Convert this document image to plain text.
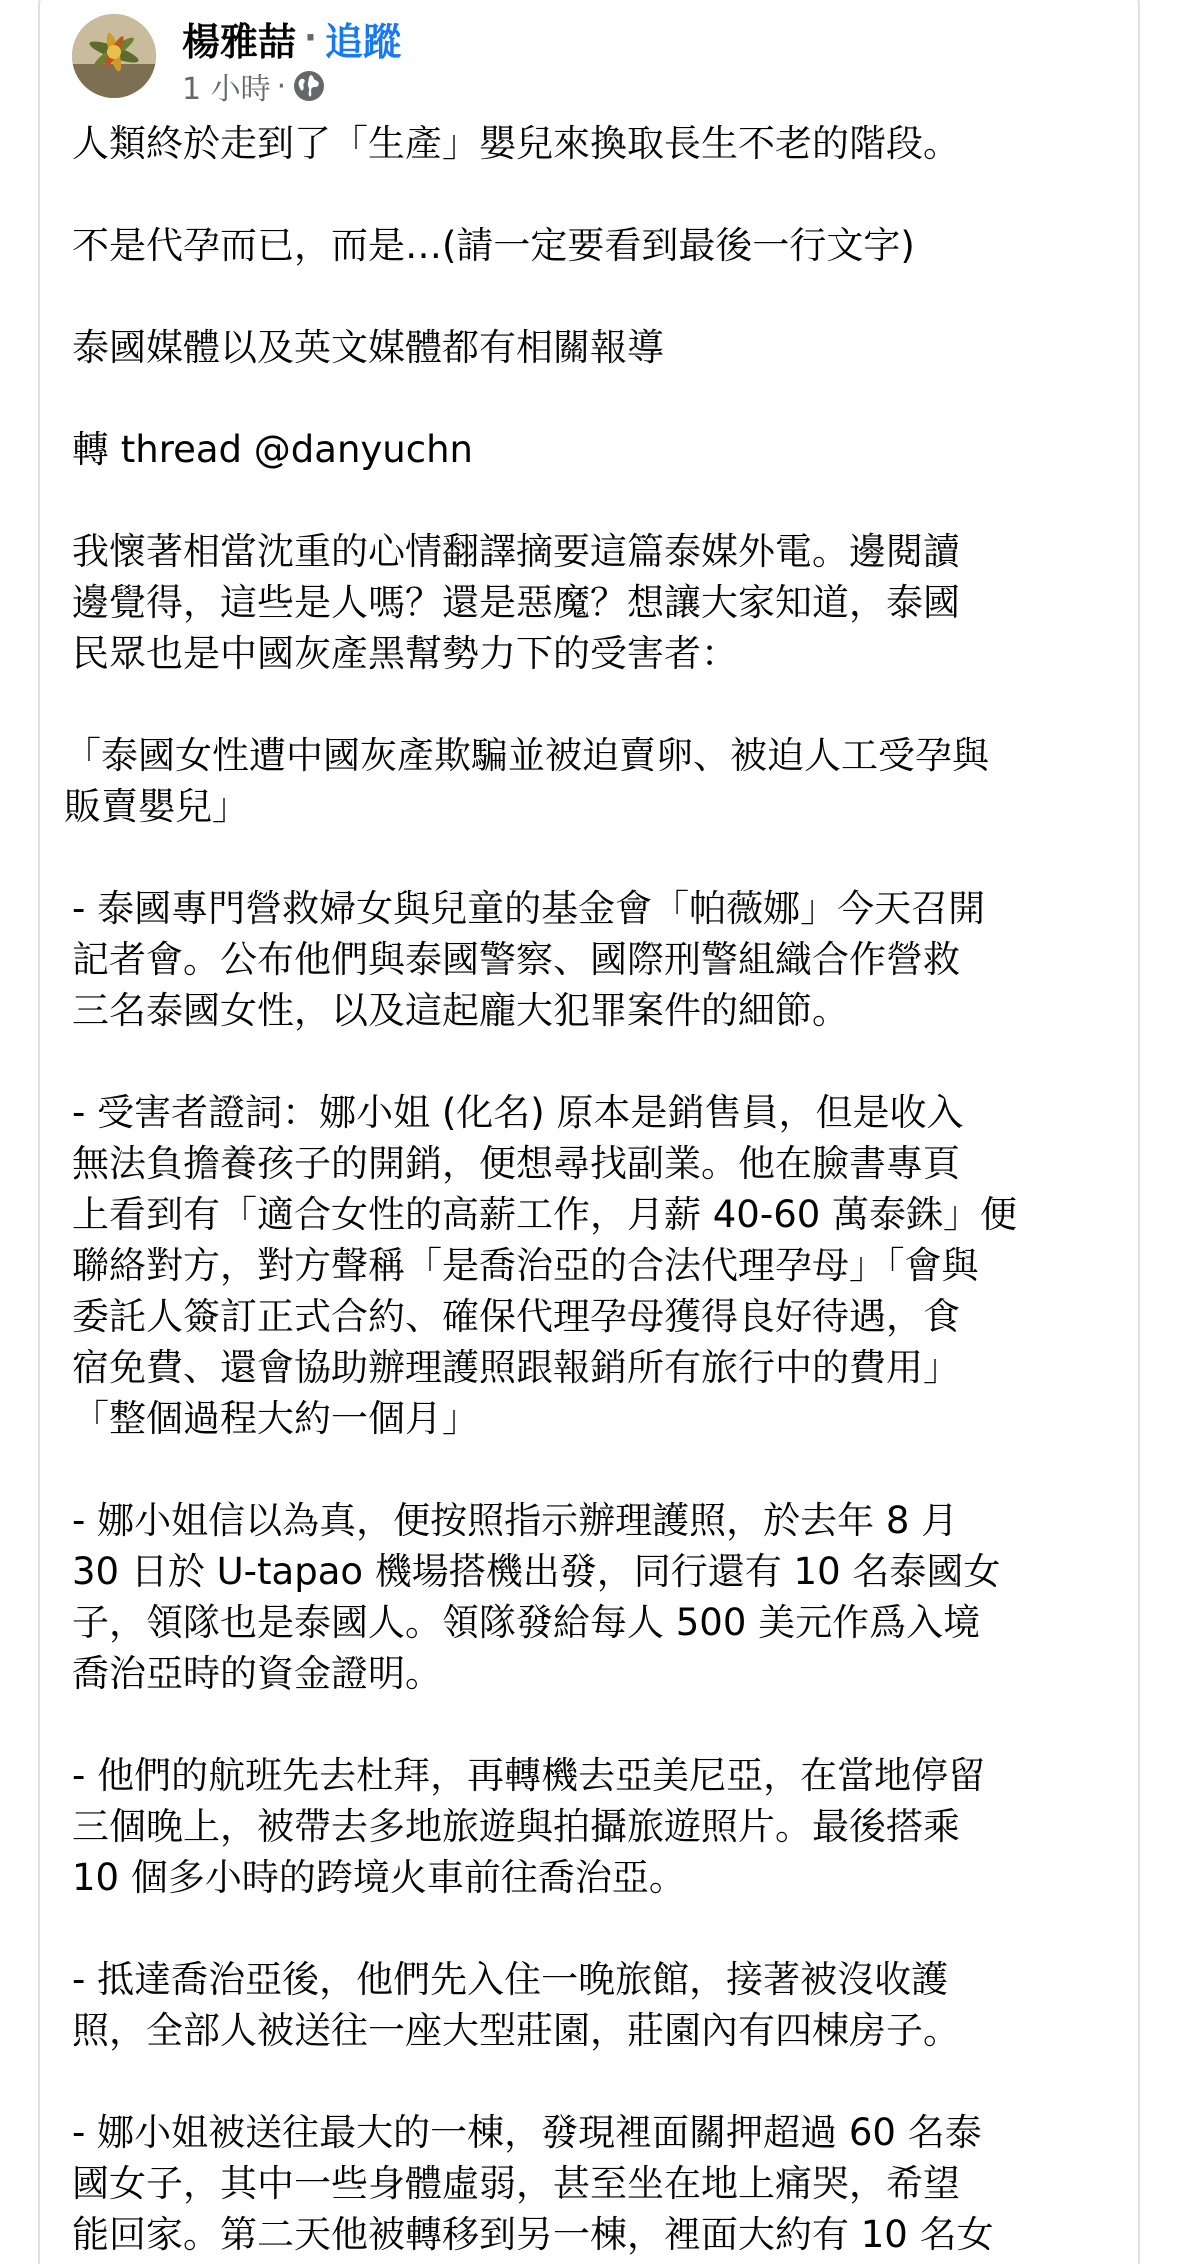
楊雅喆 · 追蹤
1 小時 ·

人類終於走到了「生產」嬰兒來換取長生不老的階段。

不是代孕而已，而是…(請一定要看到最後一行文字)

泰國媒體以及英文媒體都有相關報導

轉 thread @danyuchn

我懷著相當沈重的心情翻譯摘要這篇泰媒外電。邊閱讀
邊覺得，這些是人嗎？還是惡魔？想讓大家知道，泰國
民眾也是中國灰產黑幫勢力下的受害者：

「泰國女性遭中國灰產欺騙並被迫賣卵、被迫人工受孕與
販賣嬰兒」

- 泰國專門營救婦女與兒童的基金會「帕薇娜」今天召開
記者會。公布他們與泰國警察、國際刑警組織合作營救
三名泰國女性，以及這起龐大犯罪案件的細節。

- 受害者證詞：娜小姐 (化名) 原本是銷售員，但是收入
無法負擔養孩子的開銷，便想尋找副業。他在臉書專頁
上看到有「適合女性的高薪工作，月薪 40-60 萬泰銖」便
聯絡對方，對方聲稱「是喬治亞的合法代理孕母」「會與
委託人簽訂正式合約、確保代理孕母獲得良好待遇，食
宿免費、還會協助辦理護照跟報銷所有旅行中的費用」
「整個過程大約一個月」

- 娜小姐信以為真，便按照指示辦理護照，於去年 8 月
30 日於 U-tapao 機場搭機出發，同行還有 10 名泰國女
子，領隊也是泰國人。領隊發給每人 500 美元作爲入境
喬治亞時的資金證明。

- 他們的航班先去杜拜，再轉機去亞美尼亞，在當地停留
三個晚上，被帶去多地旅遊與拍攝旅遊照片。最後搭乘
10 個多小時的跨境火車前往喬治亞。

- 抵達喬治亞後，他們先入住一晚旅館，接著被沒收護
照，全部人被送往一座大型莊園，莊園內有四棟房子。

- 娜小姐被送往最大的一棟，發現裡面關押超過 60 名泰
國女子，其中一些身體虛弱，甚至坐在地上痛哭，希望
能回家。第二天他被轉移到另一棟，裡面大約有 10 名女
